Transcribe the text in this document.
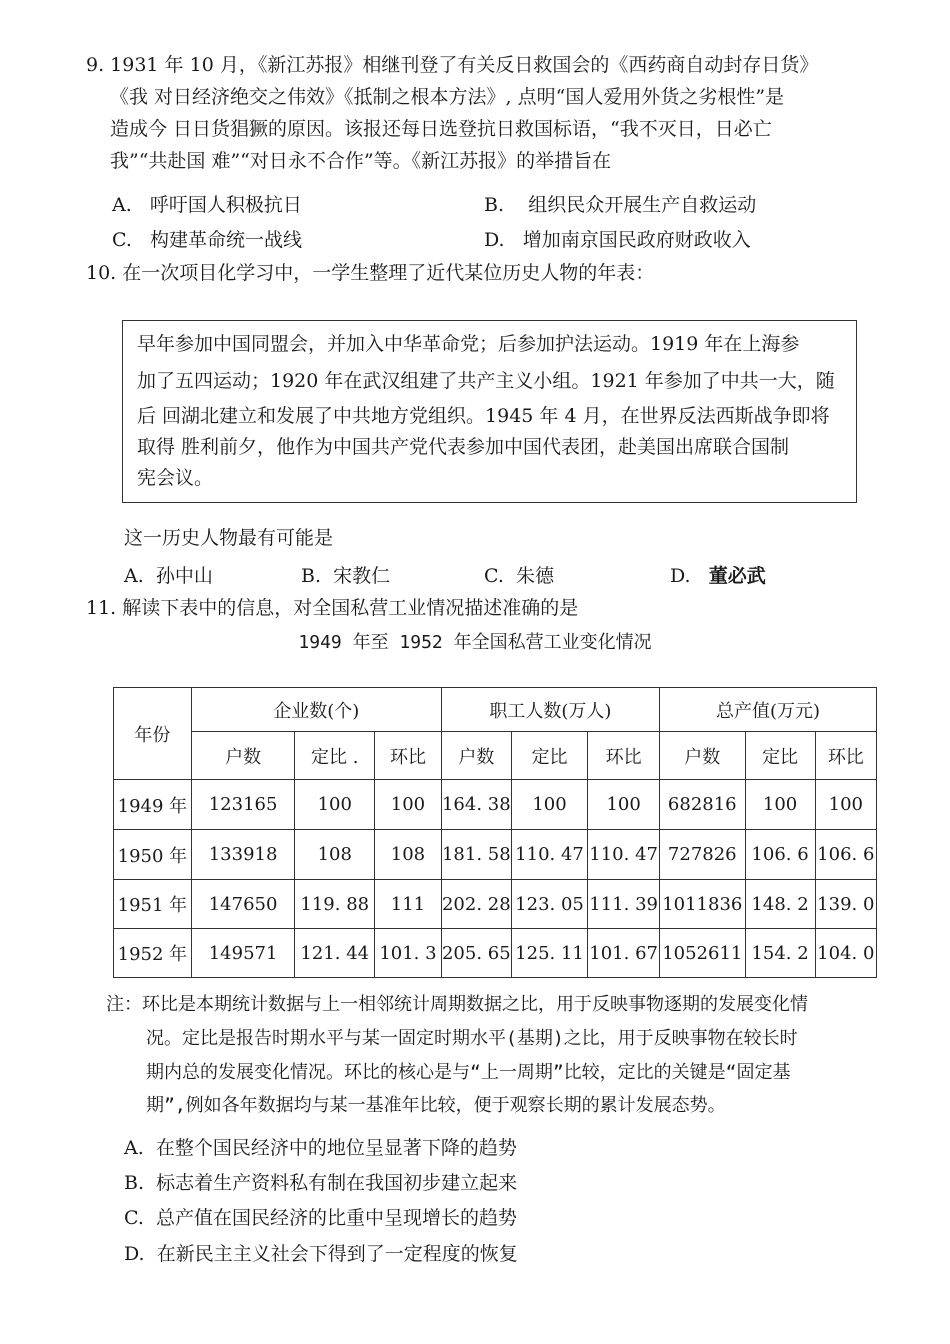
9. 1931 年 10 月，《新江苏报》相继刊登了有关反日救国会的《西药商自动封存日货》
《我 对日经济绝交之伟效》《抵制之根本方法》, 点明“国人爱用外货之劣根性”是
造成今 日日货猖獗的原因。该报还每日选登抗日救国标语，“我不灭日，日必亡
我”“共赴国 难”“对日永不合作”等。《新江苏报》的举措旨在
A. 呼吁国人积极抗日	B. 组织民众开展生产自救运动
C. 构建革命统一战线	D. 增加南京国民政府财政收入
10. 在一次项目化学习中，一学生整理了近代某位历史人物的年表：
早年参加中国同盟会，并加入中华革命党；后参加护法运动。1919 年在上海参
加了五四运动；1920 年在武汉组建了共产主义小组。1921 年参加了中共一大，随
后 回湖北建立和发展了中共地方党组织。1945 年 4 月，在世界反法西斯战争即将
取得 胜利前夕，他作为中国共产党代表参加中国代表团，赴美国出席联合国制
宪会议。
这一历史人物最有可能是
A. 孙中山	B. 宋教仁	C. 朱德	D. 董必武
11. 解读下表中的信息，对全国私营工业情况描述准确的是
1949 年至 1952 年全国私营工业变化情况
年份	企业数(个)			职工人数(万人)			总产值(万元)		
	户数	定比 .	环比	户数	定比	环比	户数	定比	环比
1949 年	123165	100	100	164. 38	100	100	682816	100	100
1950 年	133918	108	108	181. 58	110. 47	110. 47	727826	106. 6	106. 6
1951 年	147650	119. 88	111	202. 28	123. 05	111. 39	1011836	148. 2	139. 0
1952 年	149571	121. 44	101. 3	205. 65	125. 11	101. 67	1052611	154. 2	104. 0
注：环比是本期统计数据与上一相邻统计周期数据之比，用于反映事物逐期的发展变化情
况。定比是报告时期水平与某一固定时期水平(基期)之比，用于反映事物在较长时
期内总的发展变化情况。环比的核心是与“上一周期”比较，定比的关键是“固定基
期”,例如各年数据均与某一基准年比较，便于观察长期的累计发展态势。
A. 在整个国民经济中的地位呈显著下降的趋势
B. 标志着生产资料私有制在我国初步建立起来
C. 总产值在国民经济的比重中呈现增长的趋势
D. 在新民主主义社会下得到了一定程度的恢复
